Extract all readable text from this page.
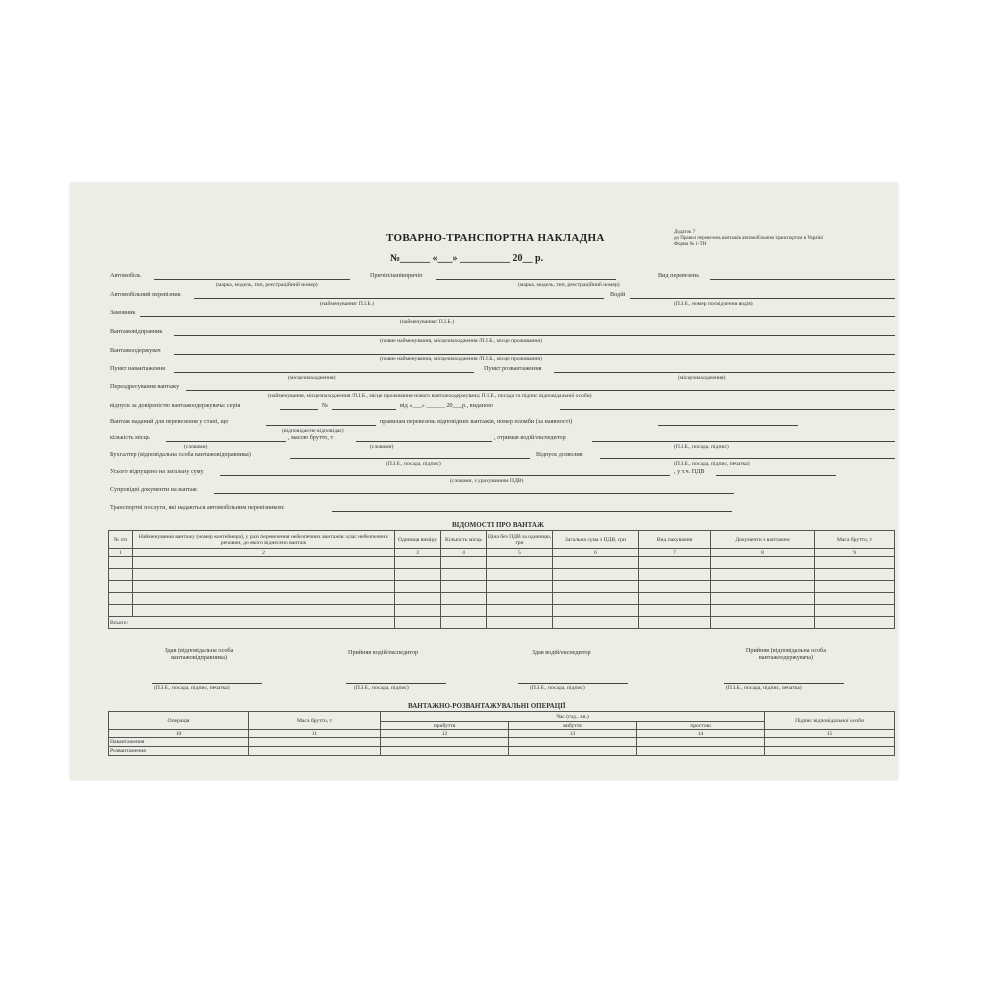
Додаток 7
до Правил перевезень вантажів автомобільним транспортом в Україні
Форма № 1-ТН
ТОВАРНО-ТРАНСПОРТНА НАКЛАДНА
№______ «___» __________ 20__ р.
Автомобіль	Причіп/напівпричіп	Вид перевезень
(марка, модель, тип, реєстраційний номер)	(марка, модель, тип, реєстраційний номер)
Автомобільний перевізник	Водій
(найменування/ П.І.Б.)	(П.І.Б., номер посвідчення водія)
Замовник
(найменування/ П.І.Б.)
Вантажовідправник
(повне найменування, місцезнаходження /П.І.Б., місце проживання)
Вантажоодержувач
(повне найменування, місцезнаходження /П.І.Б., місце проживання)
Пункт навантаження	Пункт розвантаження
(місцезнаходження)	(місцезнаходження)
Переадресування вантажу
(найменування, місцезнаходження /П.І.Б., місце проживання нового вантажоодержувача; П.І.Б., посада та підпис відповідальної особи)
відпуск за довіреністю вантажоодержувача: серія	№	від «___» ______ 20___р., виданою
Вантаж наданий для перевезення у стані, що	правилам перевезень відповідних вантажів, номер пломби (за наявності)
(відповідає/не відповідає)
кількість місць	, масою брутто, т	, отримав водій/експедитор
(словами)	(словами)	(П.І.Б., посада, підпис)
Бухгалтер (відповідальна особа вантажовідправника)	Відпуск дозволив
(П.І.Б., посада, підпис)	(П.І.Б., посада, підпис, печатка)
Усього відпущено на загальну суму	, у т.ч. ПДВ
(словами, з урахуванням ПДВ)
Супровідні документи на вантаж
Транспортні послуги, які надаються автомобільним перевізником:
ВІДОМОСТІ ПРО ВАНТАЖ
№ з/п	Найменування вантажу (номер контейнера), у разі перевезення небезпечних вантажів: клас небезпечних речовин, до якого віднесено вантаж	Одиниця виміру	Кількість місць	Ціна без ПДВ за одиницю, грн	Загальна сума з ПДВ, грн	Вид пакування	Документи з вантажем	Маса брутто, т
1	2	3	4	5	6	7	8	9

Всього:								
Здав (відповідальна особа вантажовідправника)
(П.І.Б., посада, підпис, печатка)
Прийняв водій/експедитор
(П.І.Б., посада, підпис)
Здав водій/експедитор
(П.І.Б., посада, підпис)
Прийняв (відповідальна особа вантажоодержувача)
(П.І.Б., посада, підпис, печатка)
ВАНТАЖНО-РОЗВАНТАЖУВАЛЬНІ ОПЕРАЦІЇ
Операція	Маса брутто, т	Час (год., хв.)			Підпис відповідальної особи
		прибуття	вибуття	простою	
10	11	12	13	14	15
Навантаження					
Розвантаження					
